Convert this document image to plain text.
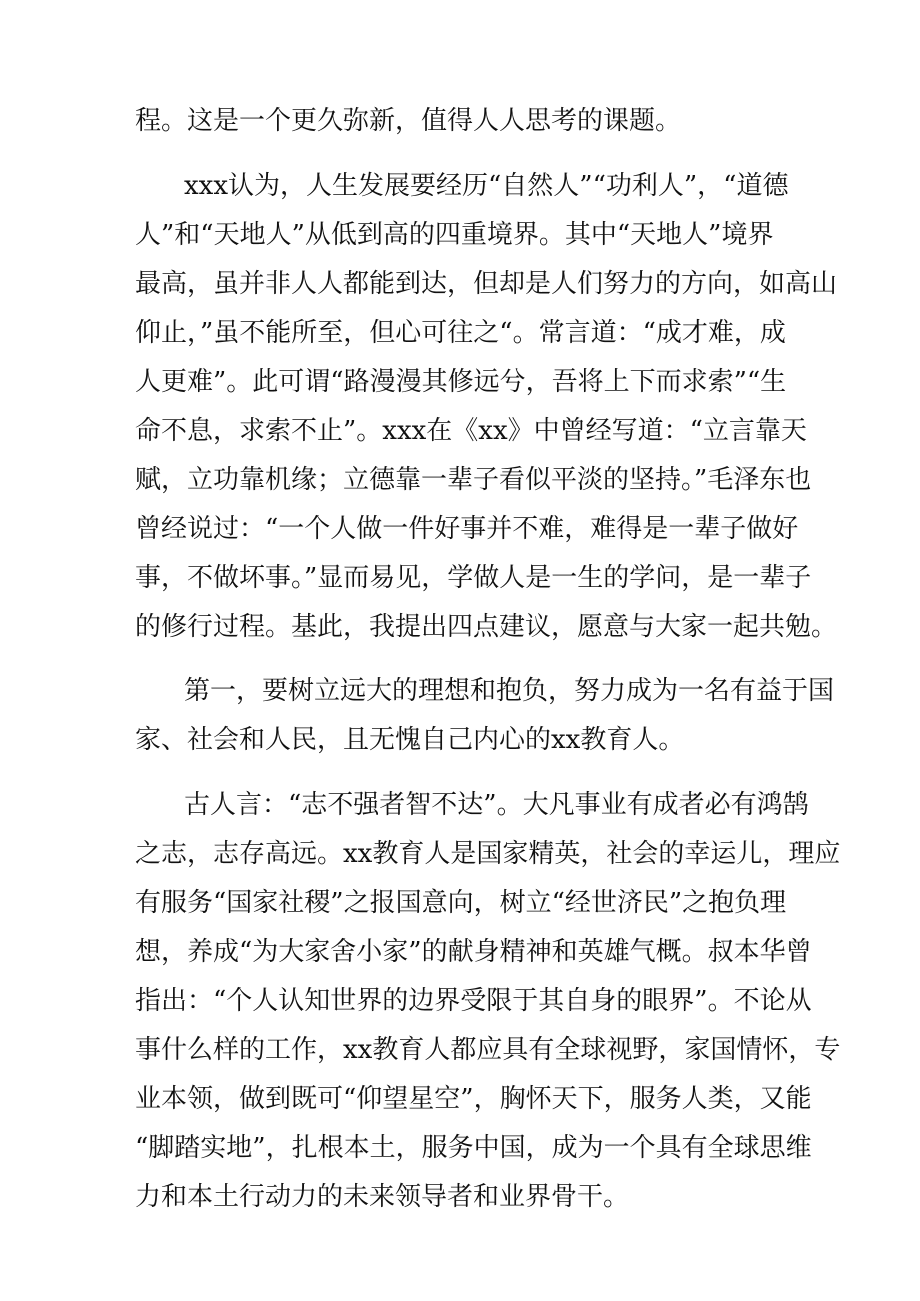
程。这是一个更久弥新，值得人人思考的课题。
xxx认为，人生发展要经历“自然人”“功利人”，“道德
人”和“天地人”从低到高的四重境界。其中“天地人”境界
最高，虽并非人人都能到达，但却是人们努力的方向，如高山
仰止，”虽不能所至，但心可往之“。常言道：“成才难，成
人更难”。此可谓“路漫漫其修远兮，吾将上下而求索”“生
命不息，求索不止”。xxx在《xx》中曾经写道：“立言靠天
赋，立功靠机缘；立德靠一辈子看似平淡的坚持。”毛泽东也
曾经说过：“一个人做一件好事并不难，难得是一辈子做好
事，不做坏事。”显而易见，学做人是一生的学问，是一辈子
的修行过程。基此，我提出四点建议，愿意与大家一起共勉。
第一，要树立远大的理想和抱负，努力成为一名有益于国
家、社会和人民，且无愧自己内心的xx教育人。
古人言：“志不强者智不达”。大凡事业有成者必有鸿鹄
之志，志存高远。xx教育人是国家精英，社会的幸运儿，理应
有服务“国家社稷”之报国意向，树立“经世济民”之抱负理
想，养成“为大家舍小家”的献身精神和英雄气概。叔本华曾
指出：“个人认知世界的边界受限于其自身的眼界”。不论从
事什么样的工作，xx教育人都应具有全球视野，家国情怀，专
业本领，做到既可“仰望星空”，胸怀天下，服务人类，又能
“脚踏实地”，扎根本土，服务中国，成为一个具有全球思维
力和本土行动力的未来领导者和业界骨干。
